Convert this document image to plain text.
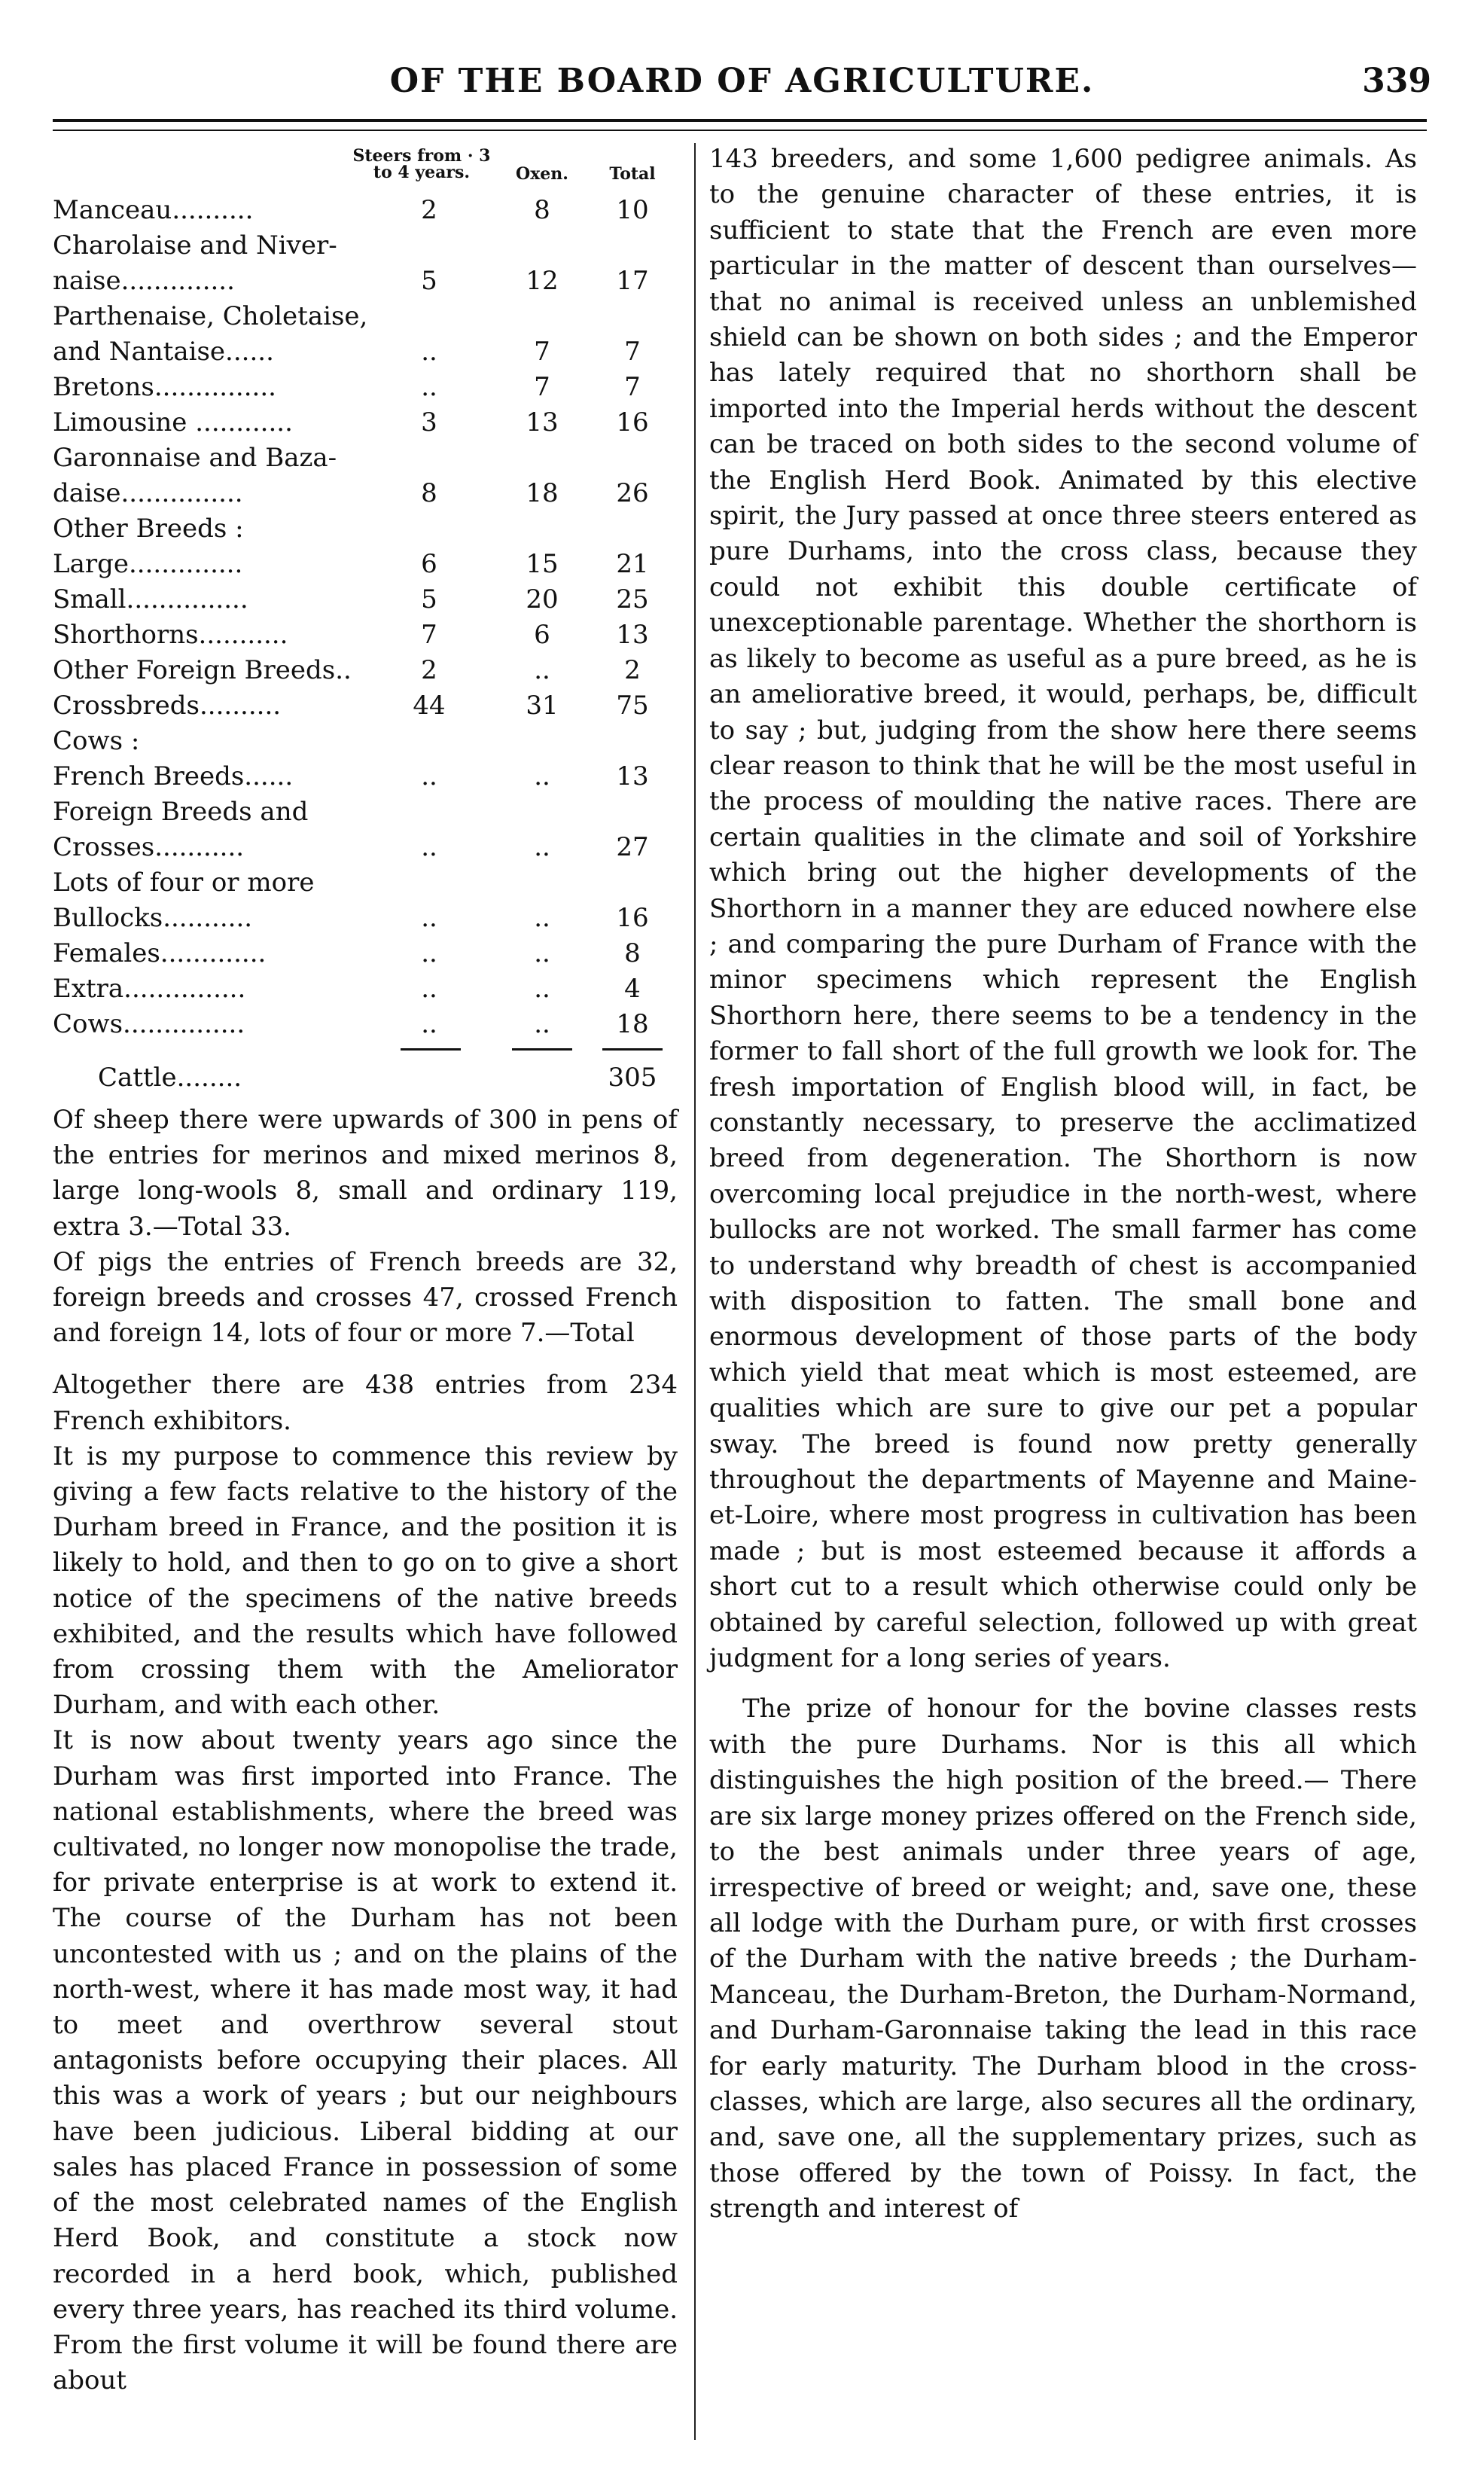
OF THE BOARD OF AGRICULTURE.	339
Steers from · 3 to 4 years.	Oxen.	Total
Manceau..........	2	8	10
Charolaise and Niver-
naise..............	5	12	17
Parthenaise, Choletaise,
and Nantaise......	..	7	7
Bretons...............	..	7	7
Limousine ............	3	13	16
Garonnaise and Baza-
daise...............	8	18	26
Other Breeds :
Large..............	6	15	21
Small...............	5	20	25
Shorthorns...........	7	6	13
Other Foreign Breeds..	2	..	2
Crossbreds..........	44	31	75
Cows :
French Breeds......	..	..	13
Foreign Breeds and
Crosses...........	..	..	27
Lots of four or more
Bullocks...........	..	..	16
Females.............	..	..	8
Extra...............	..	..	4
Cows...............	..	..	18
Cattle........	305

Of sheep there were upwards of 300 in pens of the entries for merinos and mixed merinos 8, large long-wools 8, small and ordinary 119, extra 3.—Total 33.

Of pigs the entries of French breeds are 32, foreign breeds and crosses 47, crossed French and foreign 14, lots of four or more 7.—Total

Altogether there are 438 entries from 234 French exhibitors.

It is my purpose to commence this review by giving a few facts relative to the history of the Durham breed in France, and the position it is likely to hold, and then to go on to give a short notice of the specimens of the native breeds exhibited, and the results which have followed from crossing them with the Ameliorator Durham, and with each other.

It is now about twenty years ago since the Durham was first imported into France. The national establishments, where the breed was cultivated, no longer now monopolise the trade, for private enterprise is at work to extend it. The course of the Durham has not been uncontested with us ; and on the plains of the north-west, where it has made most way, it had to meet and overthrow several stout antagonists before occupying their places. All this was a work of years ; but our neighbours have been judicious. Liberal bidding at our sales has placed France in possession of some of the most celebrated names of the English Herd Book, and constitute a stock now recorded in a herd book, which, published every three years, has reached its third volume. From the first volume it will be found there are about

143 breeders, and some 1,600 pedigree animals. As to the genuine character of these entries, it is sufficient to state that the French are even more particular in the matter of descent than ourselves—that no animal is received unless an unblemished shield can be shown on both sides ; and the Emperor has lately required that no shorthorn shall be imported into the Imperial herds without the descent can be traced on both sides to the second volume of the English Herd Book. Animated by this elective spirit, the Jury passed at once three steers entered as pure Durhams, into the cross class, because they could not exhibit this double certificate of unexceptionable parentage. Whether the shorthorn is as likely to become as useful as a pure breed, as he is an ameliorative breed, it would, perhaps, be, difficult to say ; but, judging from the show here there seems clear reason to think that he will be the most useful in the process of moulding the native races. There are certain qualities in the climate and soil of Yorkshire which bring out the higher developments of the Shorthorn in a manner they are educed nowhere else ; and comparing the pure Durham of France with the minor specimens which represent the English Shorthorn here, there seems to be a tendency in the former to fall short of the full growth we look for. The fresh importation of English blood will, in fact, be constantly necessary, to preserve the acclimatized breed from degeneration. The Shorthorn is now overcoming local prejudice in the north-west, where bullocks are not worked. The small farmer has come to understand why breadth of chest is accompanied with disposition to fatten. The small bone and enormous development of those parts of the body which yield that meat which is most esteemed, are qualities which are sure to give our pet a popular sway. The breed is found now pretty generally throughout the departments of Mayenne and Maine-et-Loire, where most progress in cultivation has been made ; but is most esteemed because it affords a short cut to a result which otherwise could only be obtained by careful selection, followed up with great judgment for a long series of years.

The prize of honour for the bovine classes rests with the pure Durhams. Nor is this all which distinguishes the high position of the breed.— There are six large money prizes offered on the French side, to the best animals under three years of age, irrespective of breed or weight; and, save one, these all lodge with the Durham pure, or with first crosses of the Durham with the native breeds ; the Durham-Manceau, the Durham-Breton, the Durham-Normand, and Durham-Garonnaise taking the lead in this race for early maturity. The Durham blood in the cross-classes, which are large, also secures all the ordinary, and, save one, all the supplementary prizes, such as those offered by the town of Poissy. In fact, the strength and interest of
